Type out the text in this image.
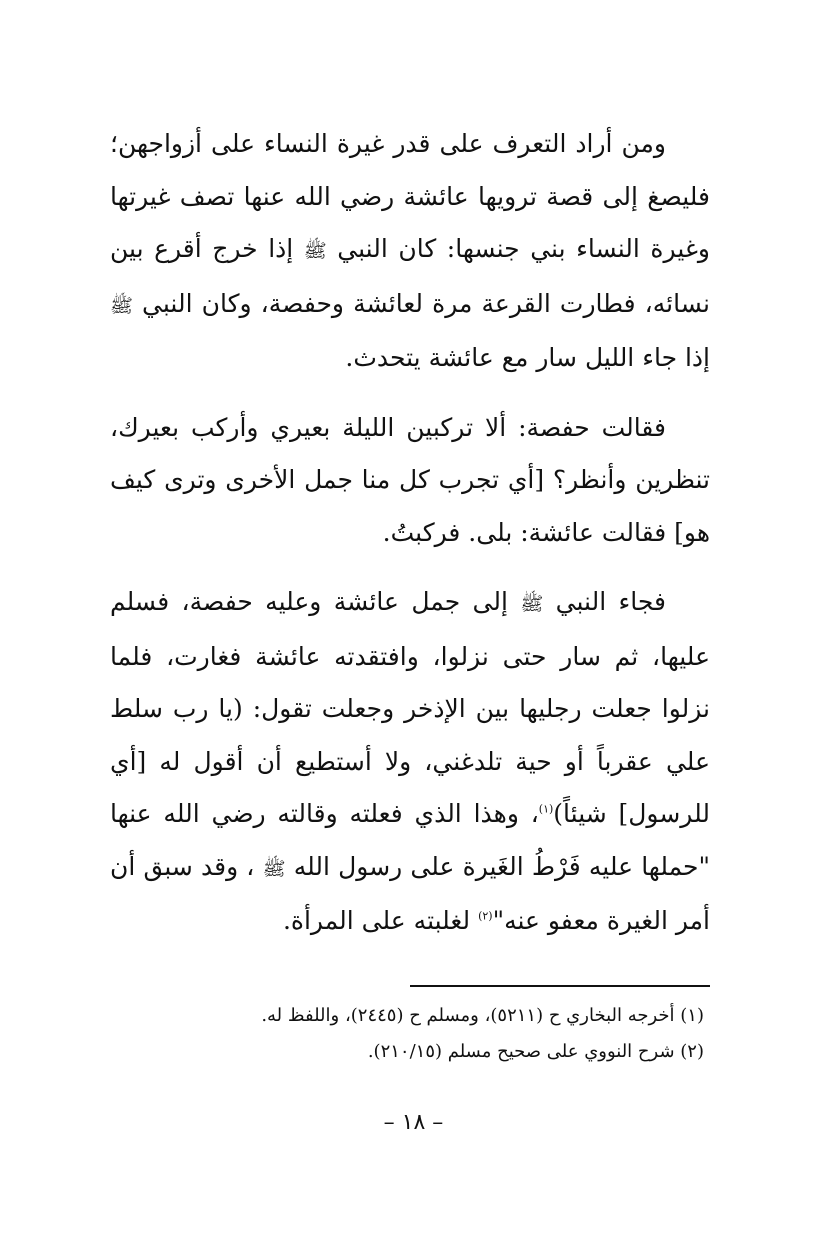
ومن أراد التعرف على قدر غيرة النساء على أزواجهن؛ فليصغ إلى قصة ترويها عائشة رضي الله عنها تصف غيرتها وغيرة النساء بني جنسها: كان النبي ﷺ إذا خرج أقرع بين نسائه، فطارت القرعة مرة لعائشة وحفصة، وكان النبي ﷺ إذا جاء الليل سار مع عائشة يتحدث.

فقالت حفصة: ألا تركبين الليلة بعيري وأركب بعيرك، تنظرين وأنظر؟ [أي تجرب كل منا جمل الأخرى وترى كيف هو] فقالت عائشة: بلى. فركبتُ.

فجاء النبي ﷺ إلى جمل عائشة وعليه حفصة، فسلم عليها، ثم سار حتى نزلوا، وافتقدته عائشة فغارت، فلما نزلوا جعلت رجليها بين الإذخر وجعلت تقول: (يا رب سلط علي عقرباً أو حية تلدغني، ولا أستطيع أن أقول له [أي للرسول] شيئاً)$^{(١)}$، وهذا الذي فعلته وقالته رضي الله عنها "حملها عليه فَرْطُ الغَيرة على رسول الله ﷺ ، وقد سبق أن أمر الغيرة معفو عنه"$^{(٢)}$ لغلبته على المرأة.

(١) أخرجه البخاري ح (٥٢١١)، ومسلم ح (٢٤٤٥)، واللفظ له.

(٢) شرح النووي على صحيح مسلم (٢١٠/١٥).

– ١٨ –
